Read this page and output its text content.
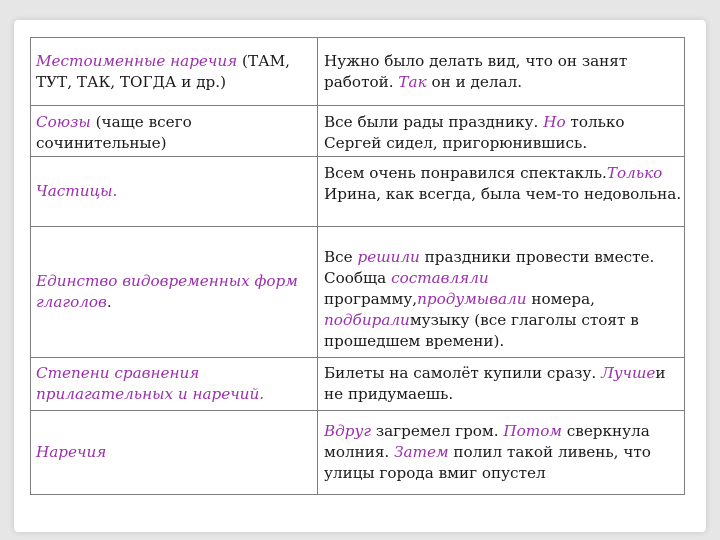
Местоименные наречия (ТАМ, ТУТ, ТАК, ТОГДА и др.)	Нужно было делать вид, что он занят работой. Так он и делал.
Союзы (чаще всего сочинительные)	Все были рады празднику. Но только Сергей сидел, пригорюнившись.
Частицы.	Всем очень понравился спектакль.Только Ирина, как всегда, была чем-то недовольна.
Единство видовременных форм глаголов.	Все решили праздники провести вместе. Сообща составляли программу,продумывали номера, подбиралимузыку (все глаголы стоят в прошедшем времени).
Степени сравнения прилагательных и наречий.	Билеты на самолёт купили сразу. Лучшеи не придумаешь.
Наречия	Вдруг загремел гром. Потом сверкнула молния. Затем полил такой ливень, что улицы города вмиг опустел
